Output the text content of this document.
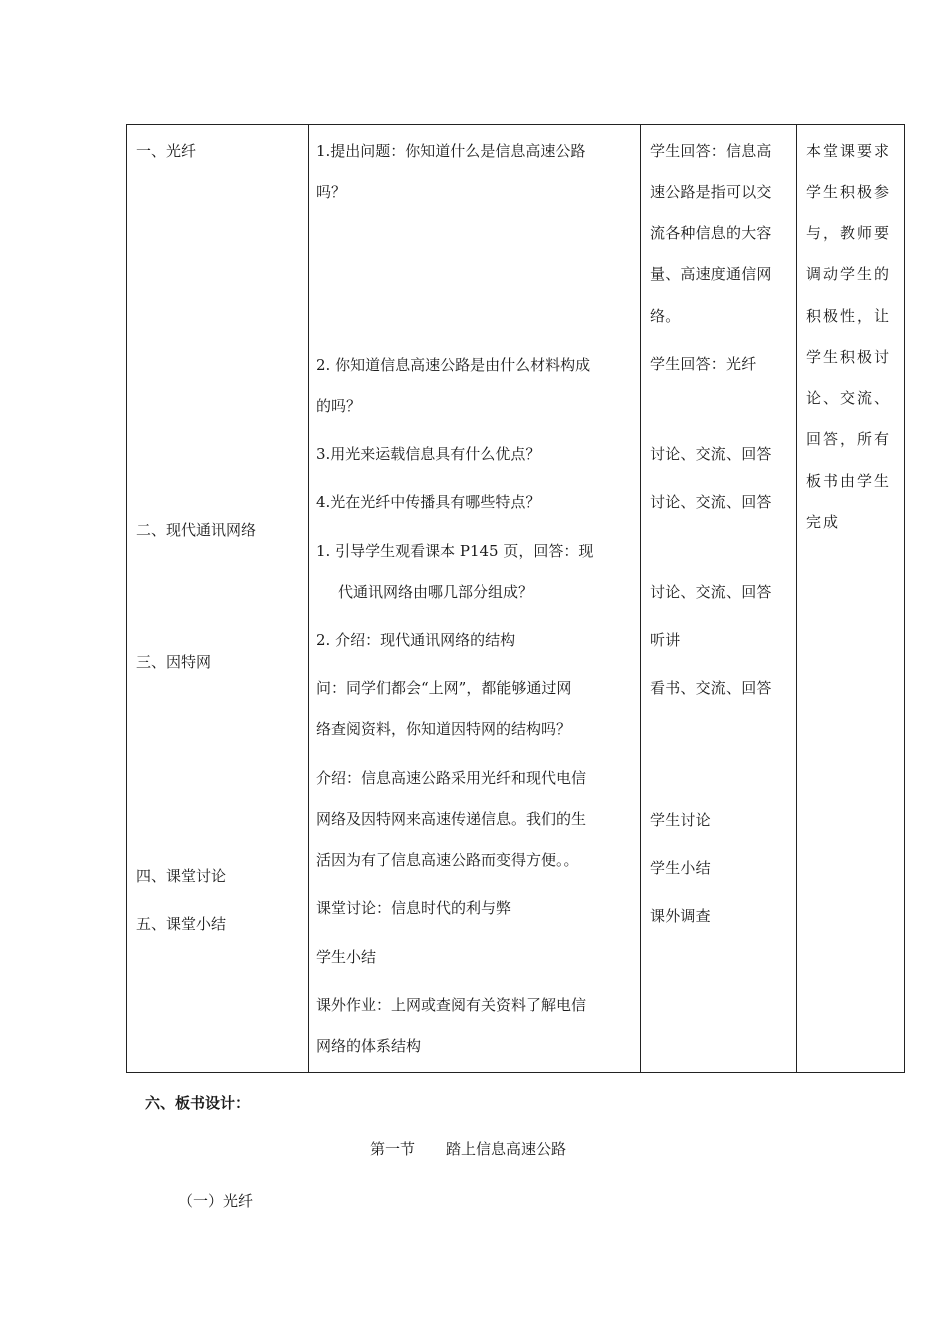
一、光纤
二、现代通讯网络
三、因特网
四、课堂讨论
五、课堂小结
1.提出问题：你知道什么是信息高速公路
吗？
2. 你知道信息高速公路是由什么材料构成
的吗？
3.用光来运载信息具有什么优点？
4.光在光纤中传播具有哪些特点？
1. 引导学生观看课本 P145 页，回答：现
代通讯网络由哪几部分组成？
2. 介绍：现代通讯网络的结构
问：同学们都会“上网”，都能够通过网
络查阅资料，你知道因特网的结构吗？
介绍：信息高速公路采用光纤和现代电信
网络及因特网来高速传递信息。我们的生
活因为有了信息高速公路而变得方便。。
课堂讨论：信息时代的利与弊
学生小结
课外作业：上网或查阅有关资料了解电信
网络的体系结构
学生回答：信息高
速公路是指可以交
流各种信息的大容
量、高速度通信网
络。
学生回答：光纤
讨论、交流、回答
讨论、交流、回答
讨论、交流、回答
听讲
看书、交流、回答
学生讨论
学生小结
课外调查
本堂课要求
学生积极参
与，教师要
调动学生的
积极性，让
学生积极讨
论、交流、
回答，所有
板书由学生
完成
六、板书设计：
第一节 踏上信息高速公路
（一）光纤
